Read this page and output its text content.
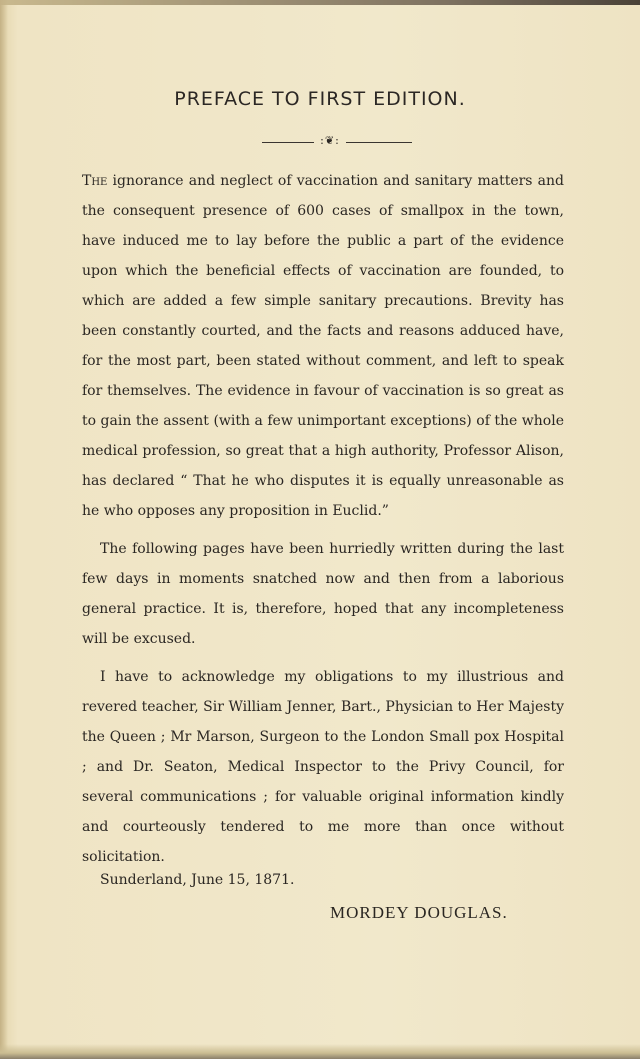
PREFACE TO FIRST EDITION.
:❦:

The ignorance and neglect of vaccination and sanitary matters and the consequent presence of 600 cases of smallpox in the town, have induced me to lay before the public a part of the evidence upon which the beneficial effects of vaccination are founded, to which are added a few simple sanitary precautions. Brevity has been constantly courted, and the facts and reasons adduced have, for the most part, been stated without comment, and left to speak for themselves. The evidence in favour of vaccination is so great as to gain the assent (with a few unimportant exceptions) of the whole medical profession, so great that a high authority, Professor Alison, has declared “ That he who disputes it is equally unreasonable as he who opposes any proposition in Euclid.”

The following pages have been hurriedly written during the last few days in moments snatched now and then from a laborious general practice. It is, therefore, hoped that any incompleteness will be excused.

I have to acknowledge my obligations to my illustrious and revered teacher, Sir William Jenner, Bart., Physician to Her Majesty the Queen ; Mr Marson, Surgeon to the London Small pox Hospital ; and Dr. Seaton, Medical Inspector to the Privy Council, for several communications ; for valuable original information kindly and courteously tendered to me more than once without solicitation.

Sunderland, June 15, 1871.
MORDEY DOUGLAS.
